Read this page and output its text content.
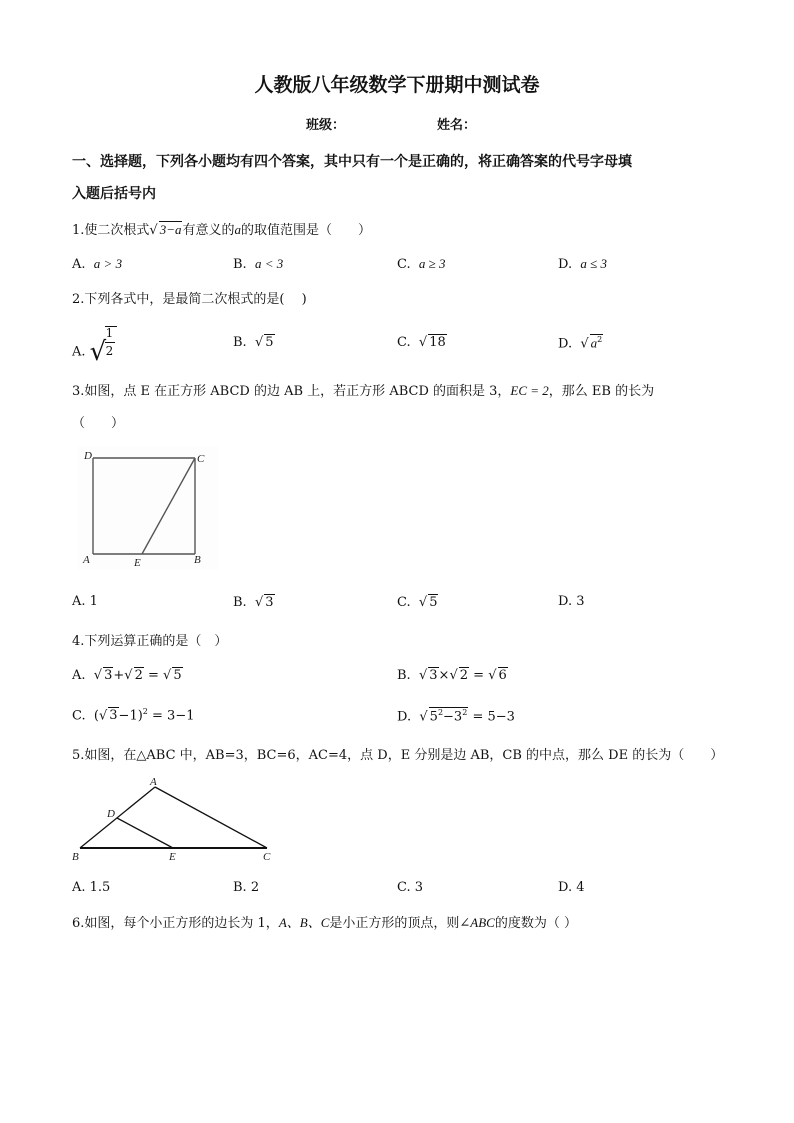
人教版八年级数学下册期中测试卷
班级：	姓名：
一、选择题，下列各小题均有四个答案，其中只有一个是正确的，将正确答案的代号字母填
入题后括号内
1.使二次根式√ 3−a有意义的a的取值范围是（　　）
A. a > 3	B. a < 3	C. a ≥ 3	D. a ≤ 3
2.下列各式中，是最简二次根式的是(　 )
A. √
1
2
B. √ 5	C. √ 18	D. √ $a^2$
3.如图，点 E 在正方形 ABCD 的边 AB 上，若正方形 ABCD 的面积是 3，EC = 2，那么 EB 的长为
（　　）
D	C
A	E	B
A. 1	B. √ 3	C. √ 5	D. 3
4.下列运算正确的是（　）
A. √ 3+√ 2 = √ 5	B. √ 3×√ 2 = √ 6
C. (√ 3−1)$^2$ = 3−1	D. √ $5^2-3^2 = 5-3$
5.如图，在△ABC 中，AB=3，BC=6，AC=4，点 D，E 分别是边 AB，CB 的中点，那么 DE 的长为（　　）
A
D
B	E	C
A. 1.5	B. 2	C. 3	D. 4
6.如图，每个小正方形的边长为 1，A、B、C是小正方形的顶点，则∠ABC的度数为（ ）
